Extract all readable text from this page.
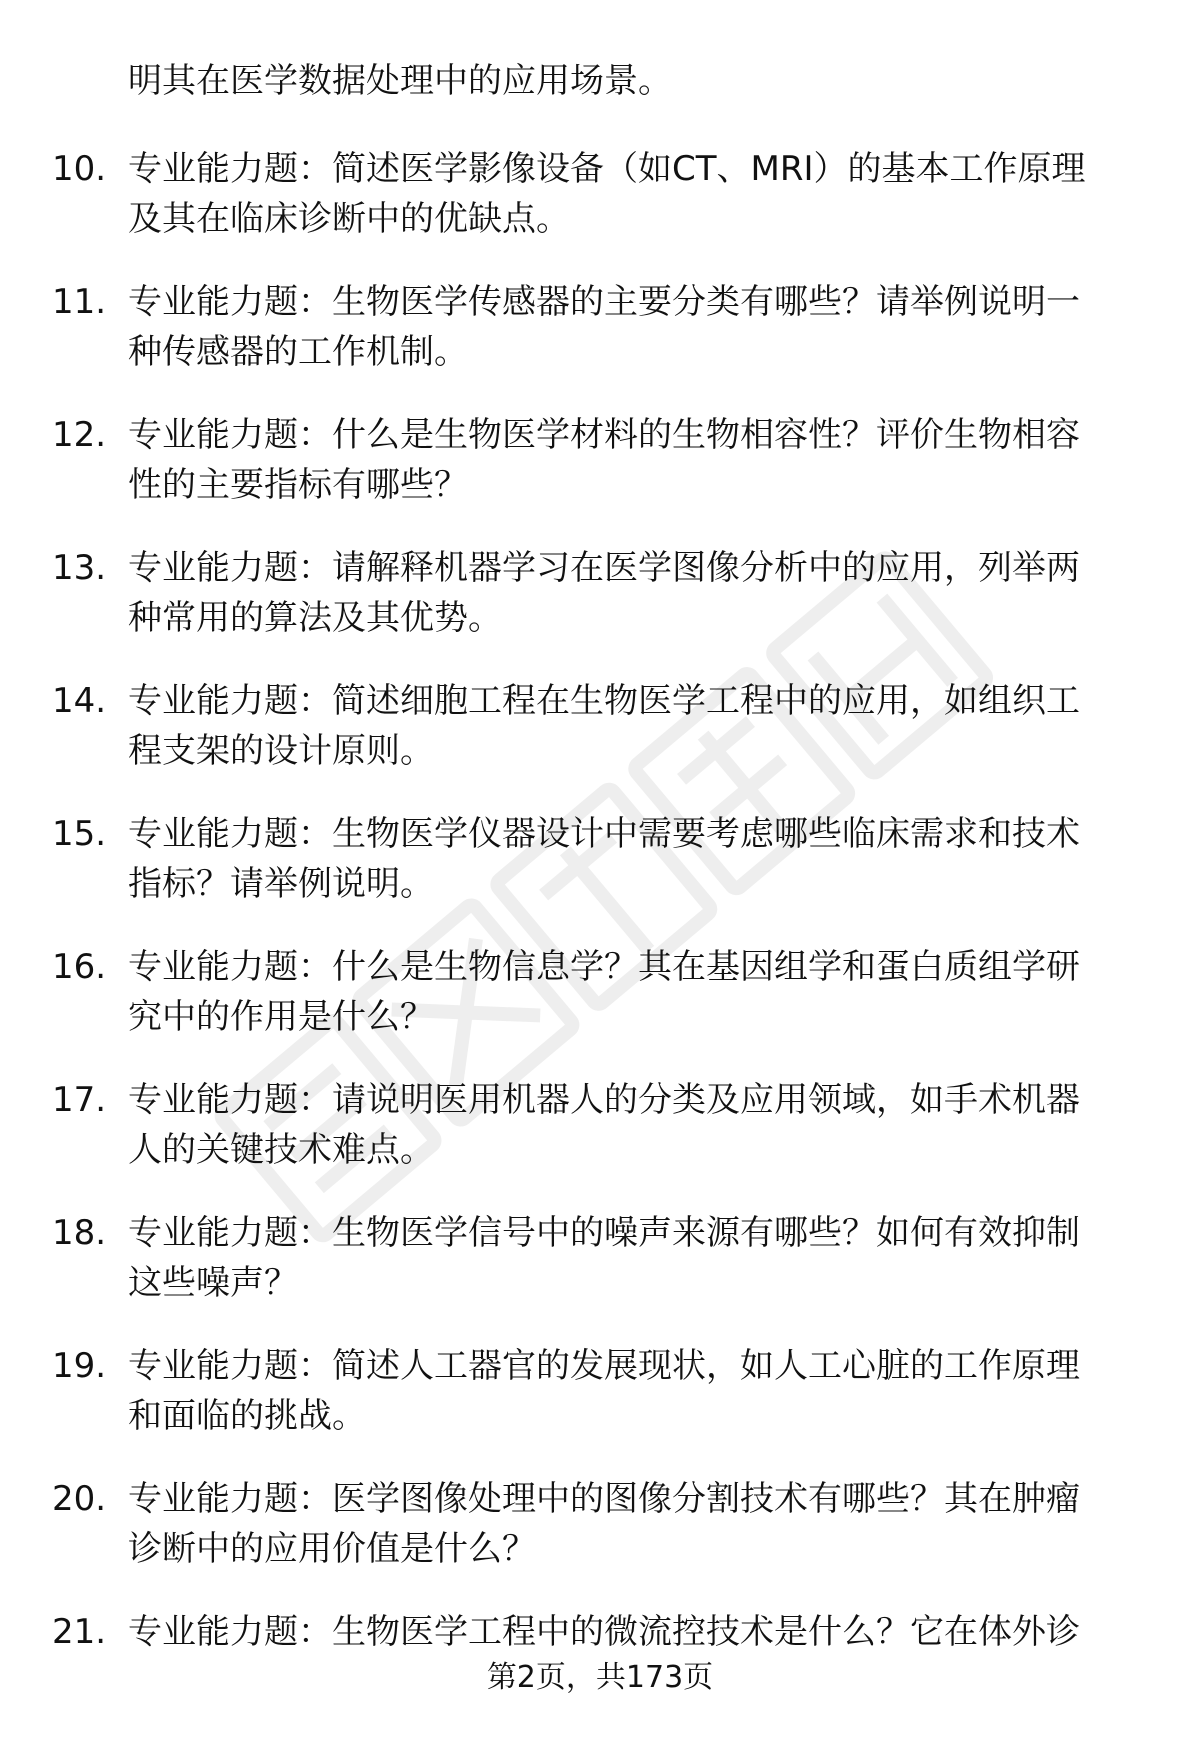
明其在医学数据处理中的应用场景。
10. 专业能力题：简述医学影像设备（如CT、MRI）的基本工作原理
及其在临床诊断中的优缺点。
11. 专业能力题：生物医学传感器的主要分类有哪些？请举例说明一
种传感器的工作机制。
12. 专业能力题：什么是生物医学材料的生物相容性？评价生物相容
性的主要指标有哪些？
13. 专业能力题：请解释机器学习在医学图像分析中的应用，列举两
种常用的算法及其优势。
14. 专业能力题：简述细胞工程在生物医学工程中的应用，如组织工
程支架的设计原则。
15. 专业能力题：生物医学仪器设计中需要考虑哪些临床需求和技术
指标？请举例说明。
16. 专业能力题：什么是生物信息学？其在基因组学和蛋白质组学研
究中的作用是什么？
17. 专业能力题：请说明医用机器人的分类及应用领域，如手术机器
人的关键技术难点。
18. 专业能力题：生物医学信号中的噪声来源有哪些？如何有效抑制
这些噪声？
19. 专业能力题：简述人工器官的发展现状，如人工心脏的工作原理
和面临的挑战。
20. 专业能力题：医学图像处理中的图像分割技术有哪些？其在肿瘤
诊断中的应用价值是什么？
21. 专业能力题：生物医学工程中的微流控技术是什么？它在体外诊
第2页，共173页
